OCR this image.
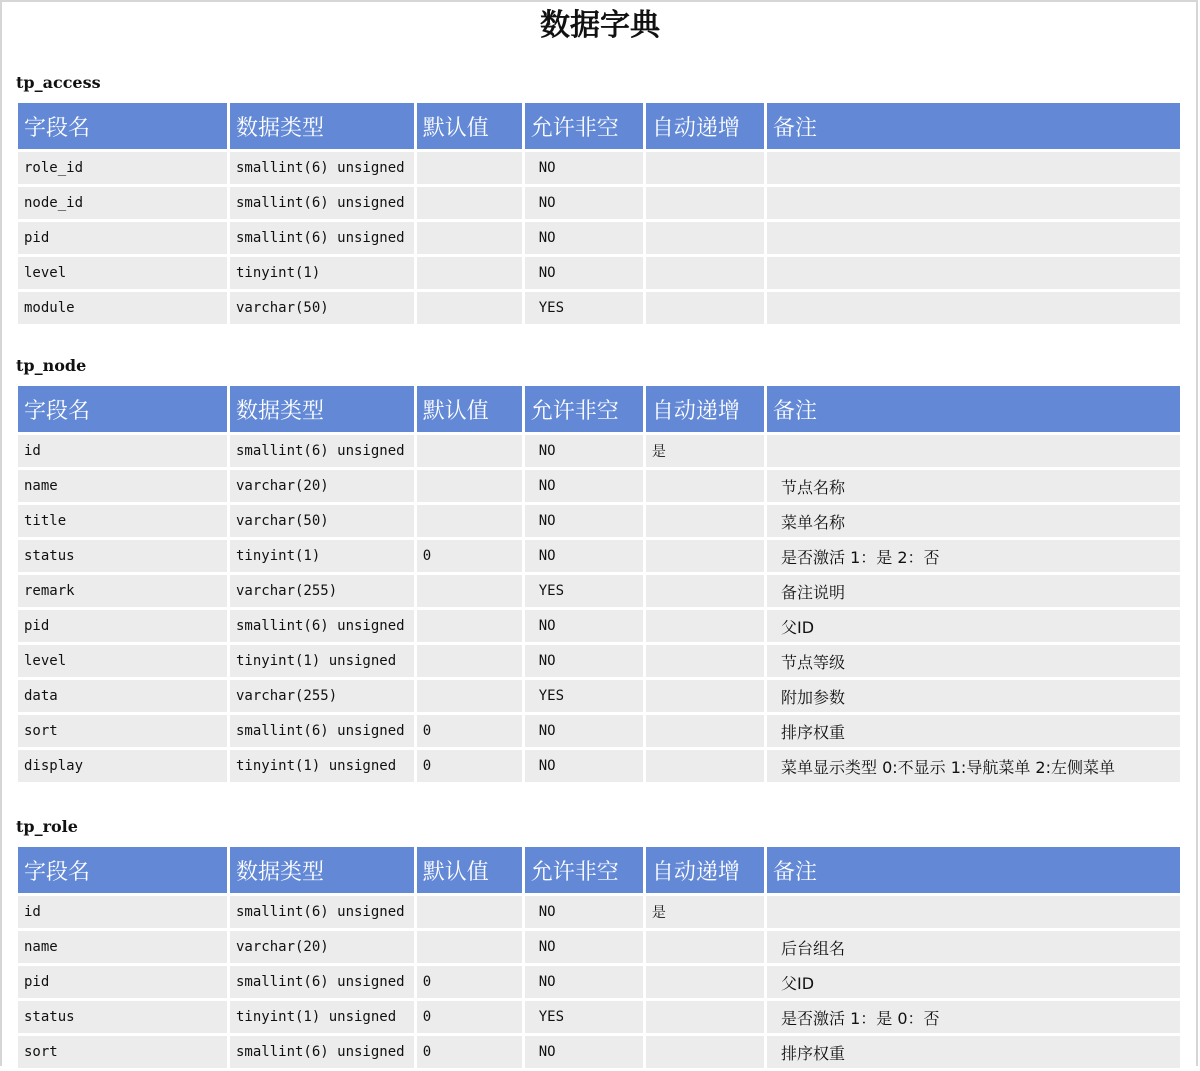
数据字典
tp_access
字段名	数据类型	默认值	允许非空	自动递增	备注
role_id	smallint(6) unsigned		NO		
node_id	smallint(6) unsigned		NO		
pid	smallint(6) unsigned		NO		
level	tinyint(1)		NO		
module	varchar(50)		YES		
tp_node
字段名	数据类型	默认值	允许非空	自动递增	备注
id	smallint(6) unsigned		NO	是	
name	varchar(20)		NO		节点名称
title	varchar(50)		NO		菜单名称
status	tinyint(1)	0	NO		是否激活 1：是 2：否
remark	varchar(255)		YES		备注说明
pid	smallint(6) unsigned		NO		父ID
level	tinyint(1) unsigned		NO		节点等级
data	varchar(255)		YES		附加参数
sort	smallint(6) unsigned	0	NO		排序权重
display	tinyint(1) unsigned	0	NO		菜单显示类型 0:不显示 1:导航菜单 2:左侧菜单
tp_role
字段名	数据类型	默认值	允许非空	自动递增	备注
id	smallint(6) unsigned		NO	是	
name	varchar(20)		NO		后台组名
pid	smallint(6) unsigned	0	NO		父ID
status	tinyint(1) unsigned	0	YES		是否激活 1：是 0：否
sort	smallint(6) unsigned	0	NO		排序权重
